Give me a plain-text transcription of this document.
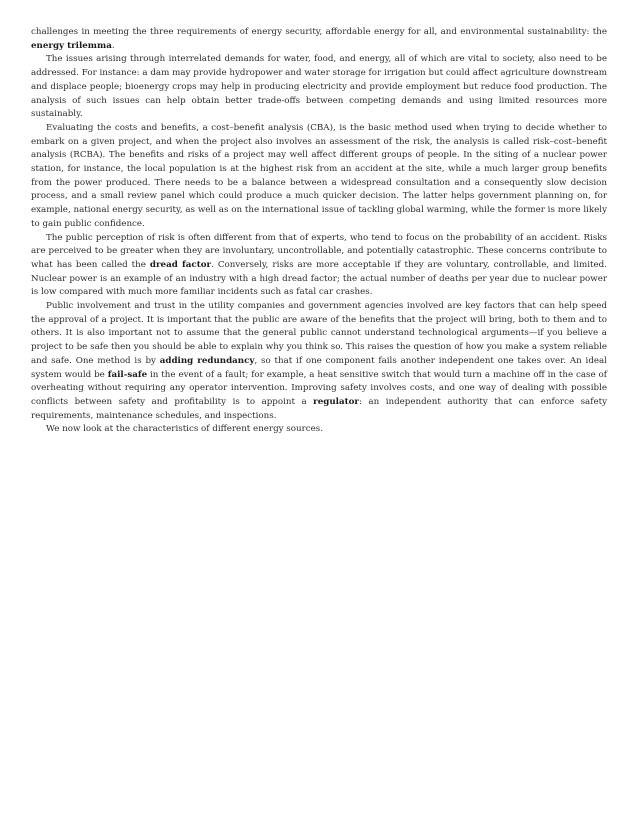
challenges in meeting the three requirements of energy security, affordable energy for all, and environmental sustainability: the energy trilemma.

The issues arising through interrelated demands for water, food, and energy, all of which are vital to society, also need to be addressed. For instance: a dam may provide hydropower and water storage for irrigation but could affect agriculture downstream and displace people; bioenergy crops may help in producing electricity and provide employment but reduce food production. The analysis of such issues can help obtain better trade-offs between competing demands and using limited resources more sustainably.

Evaluating the costs and benefits, a cost–benefit analysis (CBA), is the basic method used when trying to decide whether to embark on a given project, and when the project also involves an assessment of the risk, the analysis is called risk–cost–benefit analysis (RCBA). The benefits and risks of a project may well affect different groups of people. In the siting of a nuclear power station, for instance, the local population is at the highest risk from an accident at the site, while a much larger group benefits from the power produced. There needs to be a balance between a widespread consultation and a consequently slow decision process, and a small review panel which could produce a much quicker decision. The latter helps government planning on, for example, national energy security, as well as on the international issue of tackling global warming, while the former is more likely to gain public confidence.

The public perception of risk is often different from that of experts, who tend to focus on the probability of an accident. Risks are perceived to be greater when they are involuntary, uncontrollable, and potentially catastrophic. These concerns contribute to what has been called the dread factor. Conversely, risks are more acceptable if they are voluntary, controllable, and limited. Nuclear power is an example of an industry with a high dread factor; the actual number of deaths per year due to nuclear power is low compared with much more familiar incidents such as fatal car crashes.

Public involvement and trust in the utility companies and government agencies involved are key factors that can help speed the approval of a project. It is important that the public are aware of the benefits that the project will bring, both to them and to others. It is also important not to assume that the general public cannot understand technological arguments—if you believe a project to be safe then you should be able to explain why you think so. This raises the question of how you make a system reliable and safe. One method is by adding redundancy, so that if one component fails another independent one takes over. An ideal system would be fail-safe in the event of a fault; for example, a heat sensitive switch that would turn a machine off in the case of overheating without requiring any operator intervention. Improving safety involves costs, and one way of dealing with possible conflicts between safety and profitability is to appoint a regulator: an independent authority that can enforce safety requirements, maintenance schedules, and inspections.

We now look at the characteristics of different energy sources.
